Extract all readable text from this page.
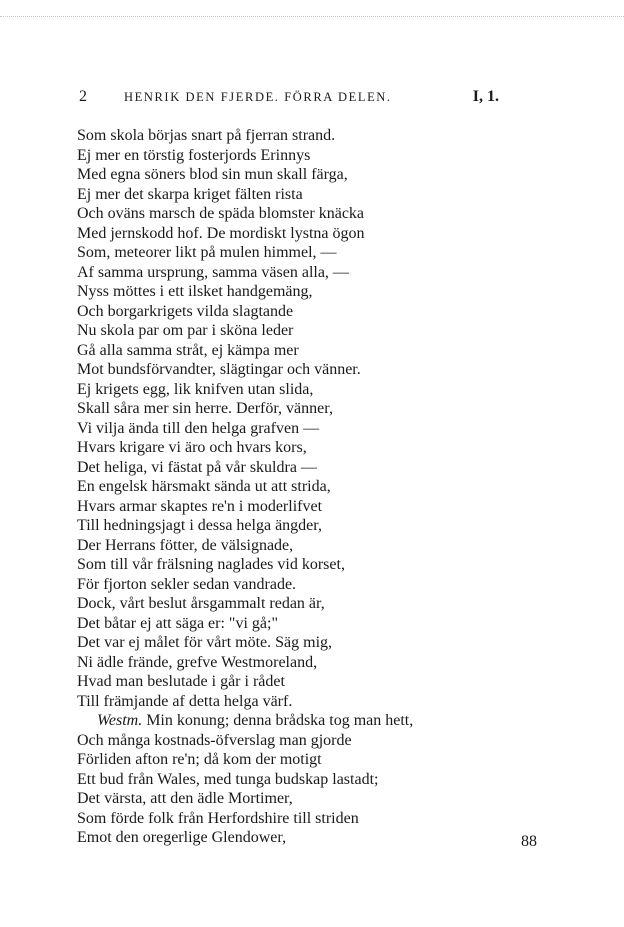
2	HENRIK DEN FJERDE. FÖRRA DELEN.	I, 1.
Som skola börjas snart på fjerran strand.
Ej mer en törstig fosterjords Erinnys
Med egna söners blod sin mun skall färga,
Ej mer det skarpa kriget fälten rista
Och oväns marsch de späda blomster knäcka
Med jernskodd hof. De mordiskt lystna ögon
Som, meteorer likt på mulen himmel, —
Af samma ursprung, samma väsen alla, —
Nyss möttes i ett ilsket handgemäng,
Och borgarkrigets vilda slagtande
Nu skola par om par i sköna leder
Gå alla samma stråt, ej kämpa mer
Mot bundsförvandter, slägtingar och vänner.
Ej krigets egg, lik knifven utan slida,
Skall såra mer sin herre. Derför, vänner,
Vi vilja ända till den helga grafven —
Hvars krigare vi äro och hvars kors,
Det heliga, vi fästat på vår skuldra —
En engelsk härsmakt sända ut att strida,
Hvars armar skaptes re'n i moderlifvet
Till hedningsjagt i dessa helga ängder,
Der Herrans fötter, de välsignade,
Som till vår frälsning naglades vid korset,
För fjorton sekler sedan vandrade.
Dock, vårt beslut årsgammalt redan är,
Det båtar ej att säga er: "vi gå;"
Det var ej målet för vårt möte. Säg mig,
Ni ädle frände, grefve Westmoreland,
Hvad man beslutade i går i rådet
Till främjande af detta helga värf.
Westm. Min konung; denna brådska tog man hett,
Och många kostnads-öfverslag man gjorde
Förliden afton re'n; då kom der motigt
Ett bud från Wales, med tunga budskap lastadt;
Det värsta, att den ädle Mortimer,
Som förde folk från Herfordshire till striden
Emot den oregerlige Glendower,	88
